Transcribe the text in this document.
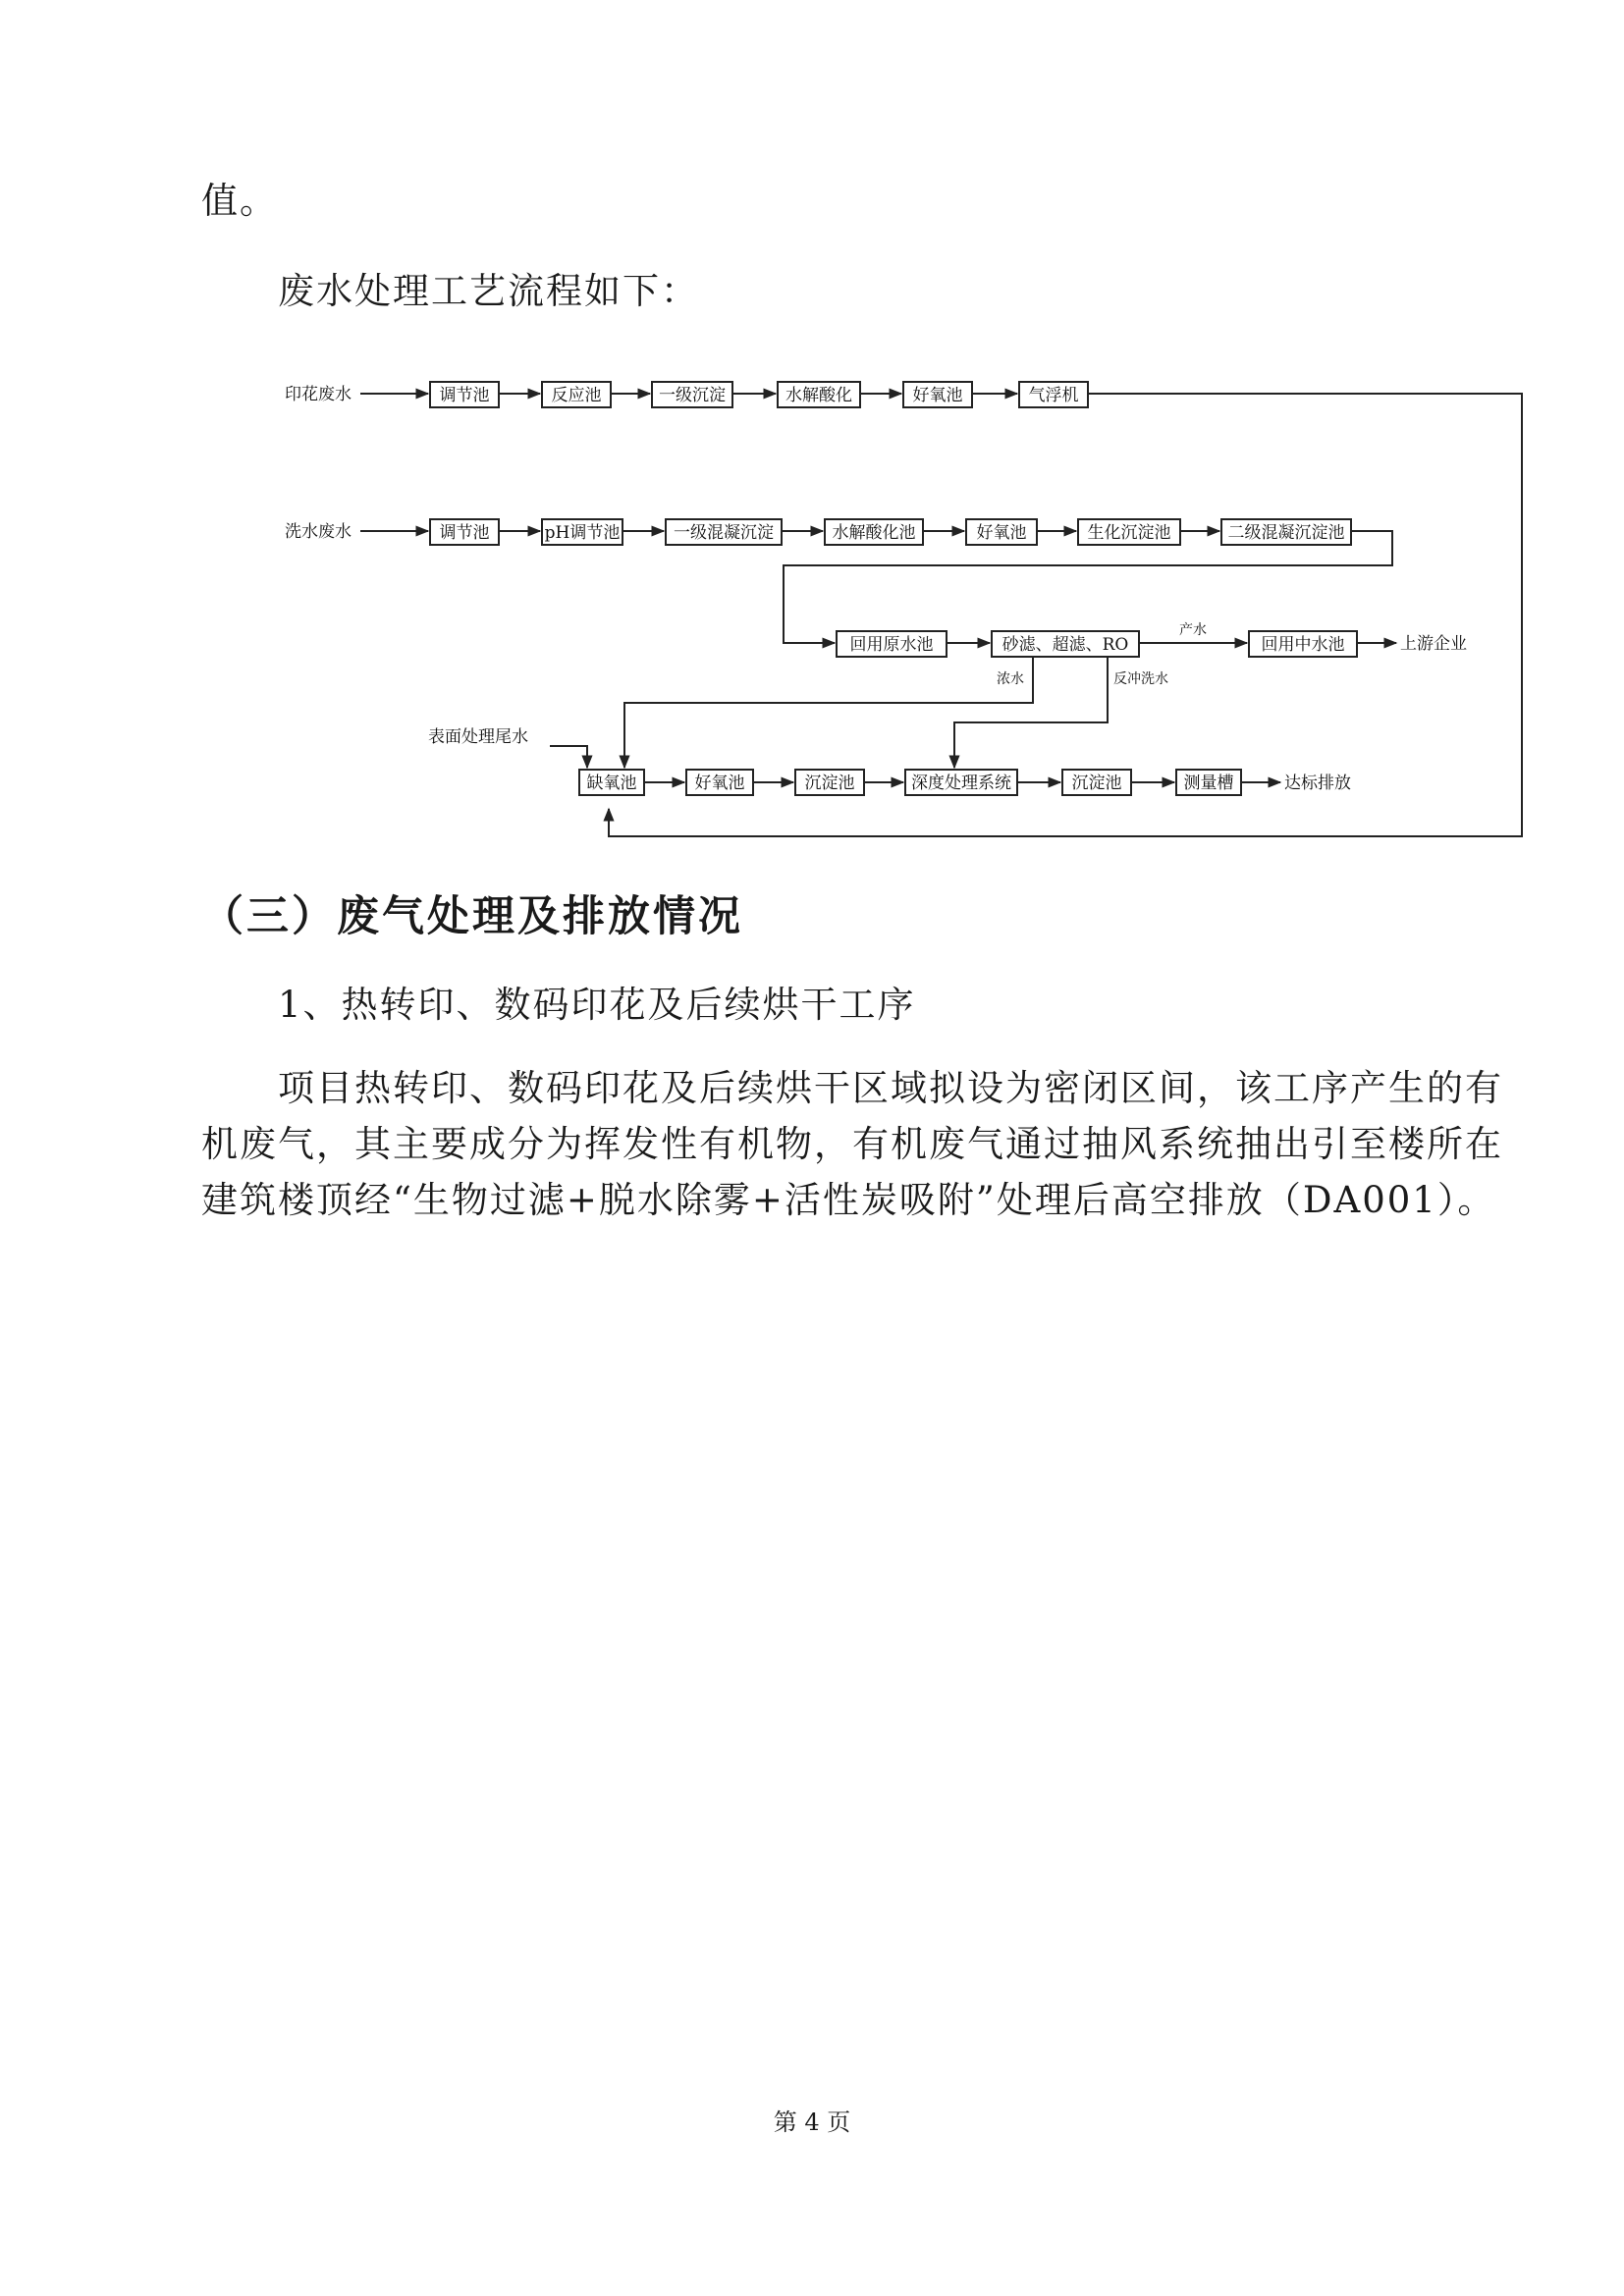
值。

废水处理工艺流程如下：

印花废水	调节池	反应池	一级沉淀	水解酸化	好氧池	气浮机
洗水废水	调节池	pH调节池	一级混凝沉淀	水解酸化池	好氧池	生化沉淀池	二级混凝沉淀池
回用原水池	砂滤、超滤、RO
产水
回用中水池	上游企业
浓水	反冲洗水
表面处理尾水
缺氧池	好氧池	沉淀池	深度处理系统	沉淀池	测量槽	达标排放
（三）废气处理及排放情况

1、热转印、数码印花及后续烘干工序

项目热转印、数码印花及后续烘干区域拟设为密闭区间，该工序产生的有机废气，其主要成分为挥发性有机物，有机废气通过抽风系统抽出引至楼所在建筑楼顶经“生物过滤+脱水除雾+活性炭吸附”处理后高空排放（DA001）。

第 4 页
